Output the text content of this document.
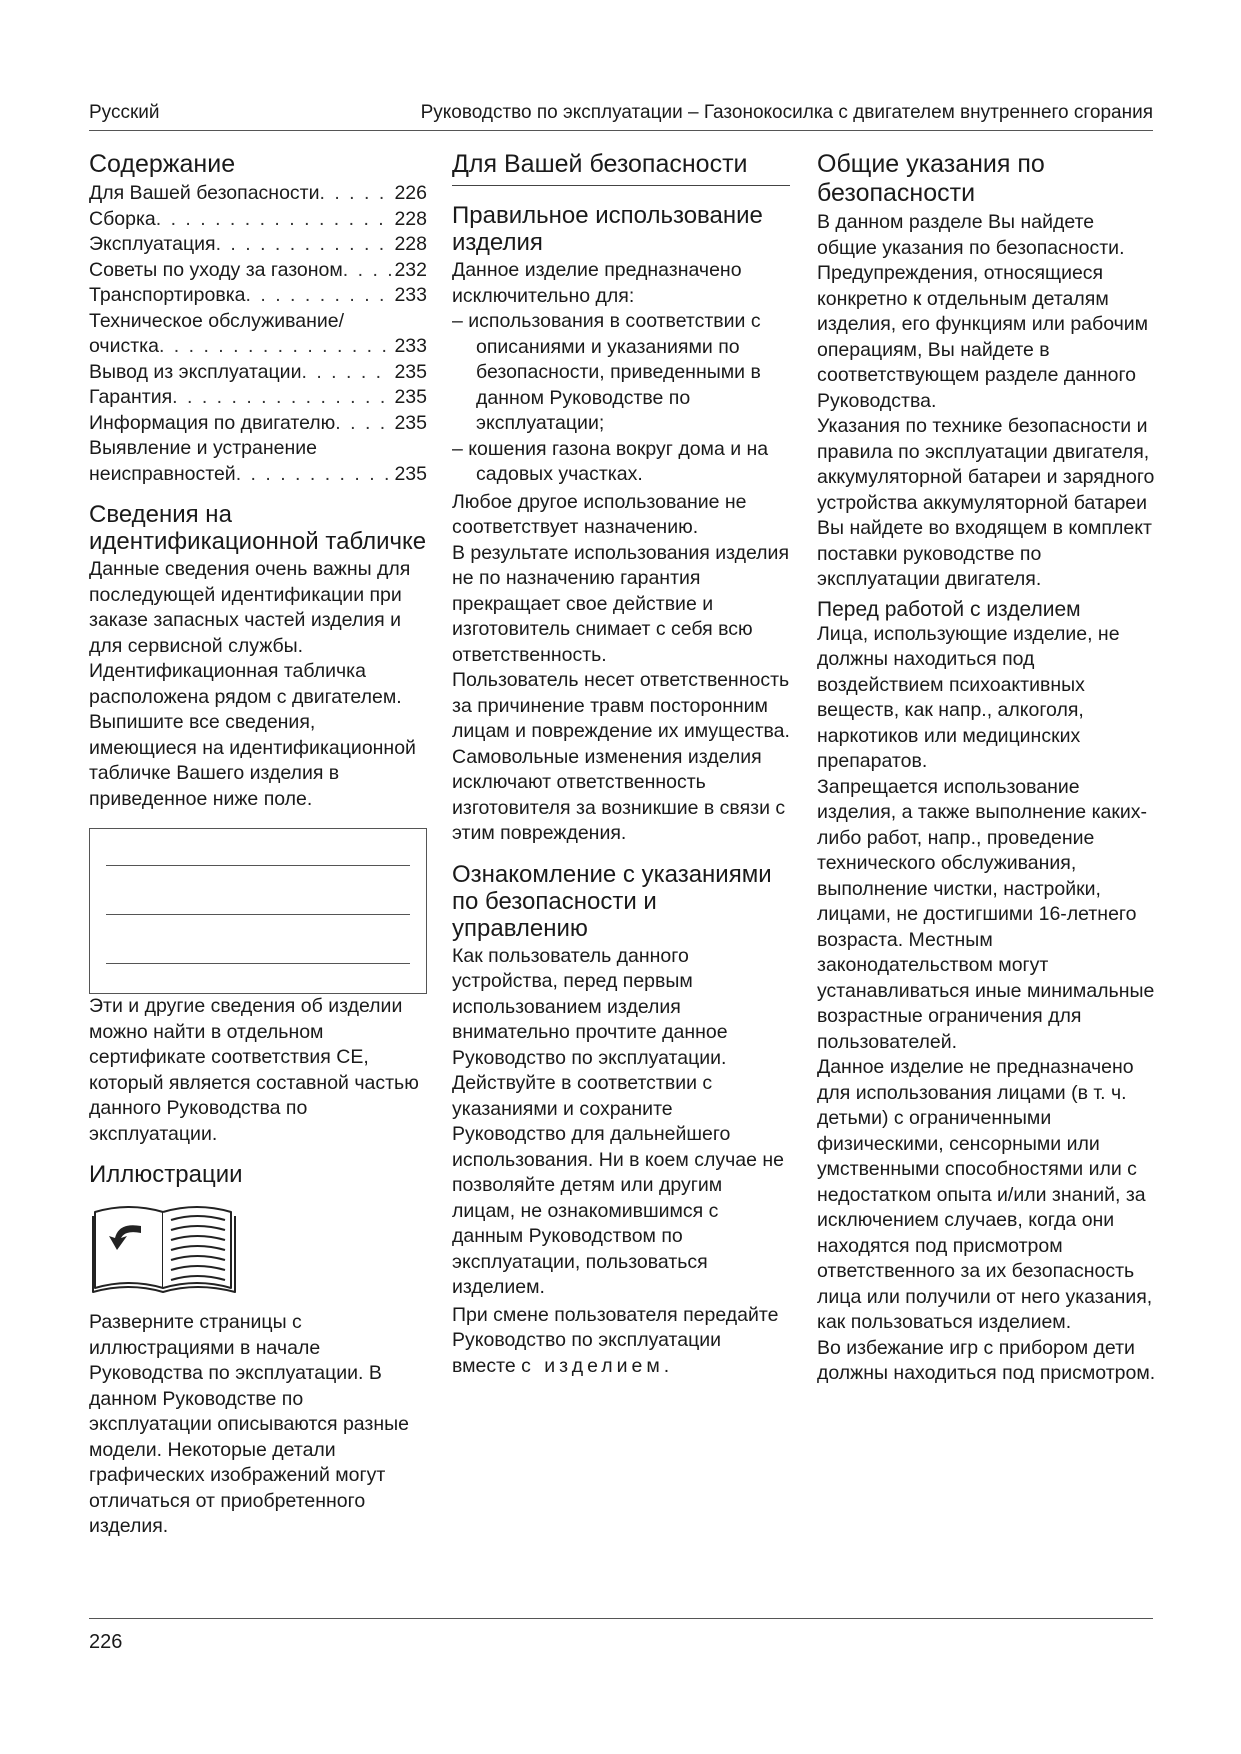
Русский	Руководство по эксплуатации – Газонокосилка с двигателем внутреннего сгорания
Содержание
Для Вашей безопасности . . .	226
Сборка . . .	228
Эксплуатация . . .	228
Советы по уходу за газоном . . .	232
Транспортировка . . .	233
Техническое обслуживание/
очистка . . .	233
Вывод из эксплуатации . . .	235
Гарантия . . .	235
Информация по двигателю . . .	235
Выявление и устранение
неисправностей . . .	235
Сведения на идентификационной табличке

Данные сведения очень важны для последующей идентификации при заказе запасных частей изделия и для сервисной службы. Идентификационная табличка расположена рядом с двигателем. Выпишите все сведения, имеющиеся на идентификационной табличке Вашего изделия в приведенное ниже поле.

Эти и другие сведения об изделии можно найти в отдельном сертификате соответствия CE, который является составной частью данного Руководства по эксплуатации.

Иллюстрации

Разверните страницы с иллюстрациями в начале Руководства по эксплуатации. В данном Руководстве по эксплуатации описываются разные модели. Некоторые детали графических изображений могут отличаться от приобретенного изделия.

Для Вашей безопасности
Правильное использование изделия

Данное изделие предназначено исключительно для:

– использования в соответствии с описаниями и указаниями по безопасности, приведенными в данном Руководстве по эксплуатации;
– кошения газона вокруг дома и на садовых участках.

Любое другое использование не соответствует назначению.

В результате использования изделия не по назначению гарантия прекращает свое действие и изготовитель снимает с себя всю ответственность.

Пользователь несет ответственность за причинение травм посторонним лицам и повреждение их имущества.

Самовольные изменения изделия исключают ответственность изготовителя за возникшие в связи с этим повреждения.

Ознакомление с указаниями по безопасности и управлению

Как пользователь данного устройства, перед первым использованием изделия внимательно прочтите данное Руководство по эксплуатации. Действуйте в соответствии с указаниями и сохраните Руководство для дальнейшего использования. Ни в коем случае не позволяйте детям или другим лицам, не ознакомившимся с данным Руководством по эксплуатации, пользоваться изделием.

При смене пользователя передайте Руководство по эксплуатации вместе с изделием.

Общие указания по безопасности

В данном разделе Вы найдете общие указания по безопасности. Предупреждения, относящиеся конкретно к отдельным деталям изделия, его функциям или рабочим операциям, Вы найдете в соответствующем разделе данного Руководства.

Указания по технике безопасности и правила по эксплуатации двигателя, аккумуляторной батареи и зарядного устройства аккумуляторной батареи Вы найдете во входящем в комплект поставки руководстве по эксплуатации двигателя.

Перед работой с изделием

Лица, использующие изделие, не должны находиться под воздействием психоактивных веществ, как напр., алкоголя, наркотиков или медицинских препаратов.

Запрещается использование изделия, а также выполнение каких-либо работ, напр., проведение технического обслуживания, выполнение чистки, настройки, лицами, не достигшими 16-летнего возраста. Местным законодательством могут устанавливаться иные минимальные возрастные ограничения для пользователей.

Данное изделие не предназначено для использования лицами (в т. ч. детьми) с ограниченными физическими, сенсорными или умственными способностями или с недостатком опыта и/или знаний, за исключением случаев, когда они находятся под присмотром ответственного за их безопасность лица или получили от него указания, как пользоваться изделием.

Во избежание игр с прибором дети должны находиться под присмотром.

226
